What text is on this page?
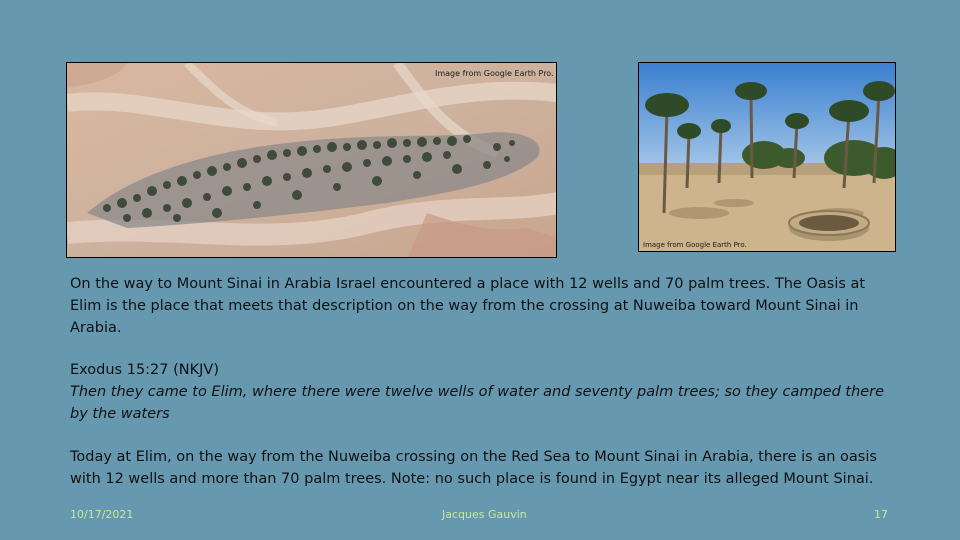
Image from Google Earth Pro.
Image from Google Earth Pro.
On the way to Mount Sinai in Arabia Israel encountered a place with 12 wells and 70 palm trees. The Oasis at Elim is the place that meets that description on the way from the crossing at Nuweiba toward Mount Sinai in Arabia.
Exodus 15:27 (NKJV)
Then they came to Elim, where there were twelve wells of water and seventy palm trees; so they camped there by the waters
Today at Elim, on the way from the Nuweiba crossing on the Red Sea to Mount Sinai in Arabia, there is an oasis with 12 wells and more than 70 palm trees. Note: no such place is found in Egypt near its alleged Mount Sinai.
10/17/2021	Jacques Gauvin	17
